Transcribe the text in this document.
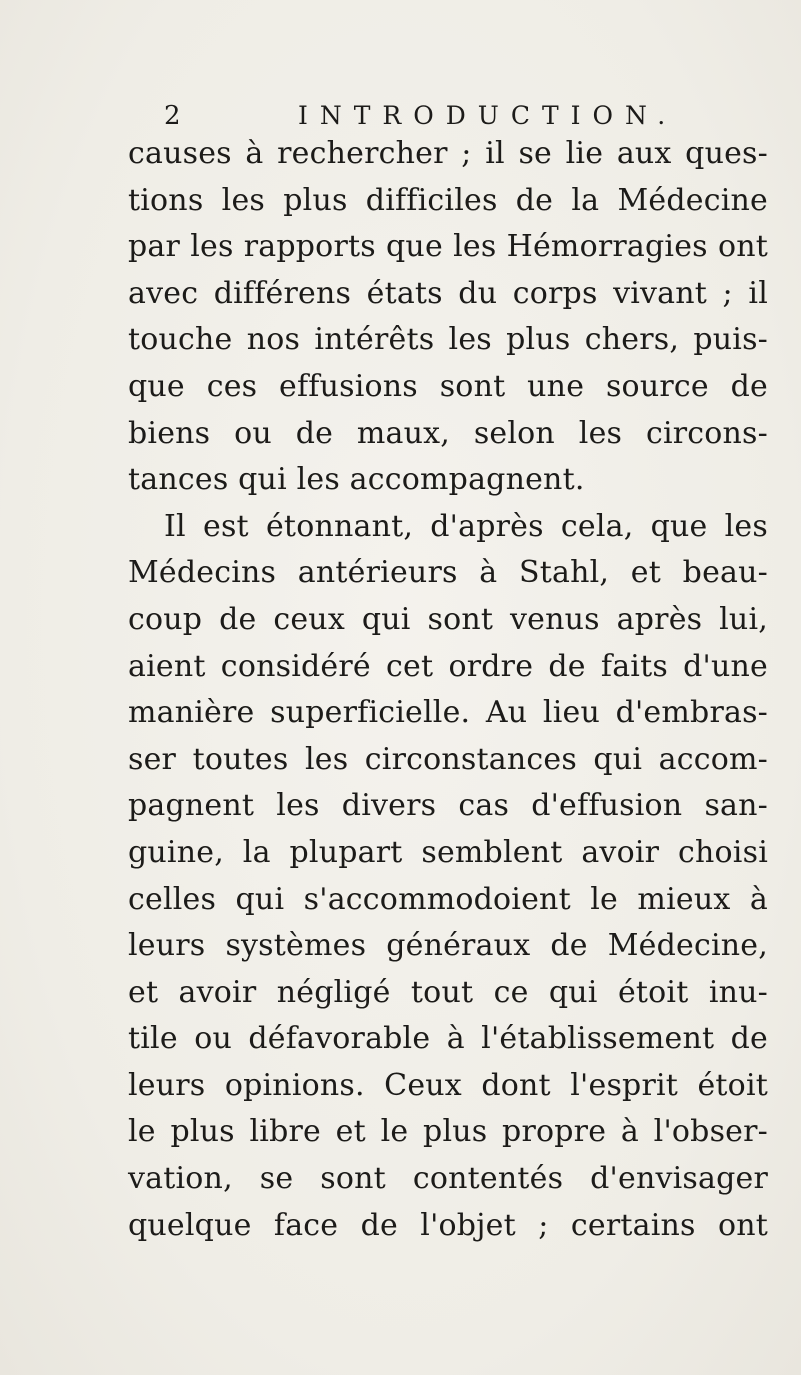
2	INTRODUCTION.
causes à rechercher ; il se lie aux ques-
tions les plus difficiles de la Médecine
par les rapports que les Hémorragies ont
avec différens états du corps vivant ; il
touche nos intérêts les plus chers, puis-
que ces effusions sont une source de
biens ou de maux, selon les circons-
tances qui les accompagnent.
Il est étonnant, d'après cela, que les
Médecins antérieurs à Stahl, et beau-
coup de ceux qui sont venus après lui,
aient considéré cet ordre de faits d'une
manière superficielle. Au lieu d'embras-
ser toutes les circonstances qui accom-
pagnent les divers cas d'effusion san-
guine, la plupart semblent avoir choisi
celles qui s'accommodoient le mieux à
leurs systèmes généraux de Médecine,
et avoir négligé tout ce qui étoit inu-
tile ou défavorable à l'établissement de
leurs opinions. Ceux dont l'esprit étoit
le plus libre et le plus propre à l'obser-
vation, se sont contentés d'envisager
quelque face de l'objet ; certains ont
